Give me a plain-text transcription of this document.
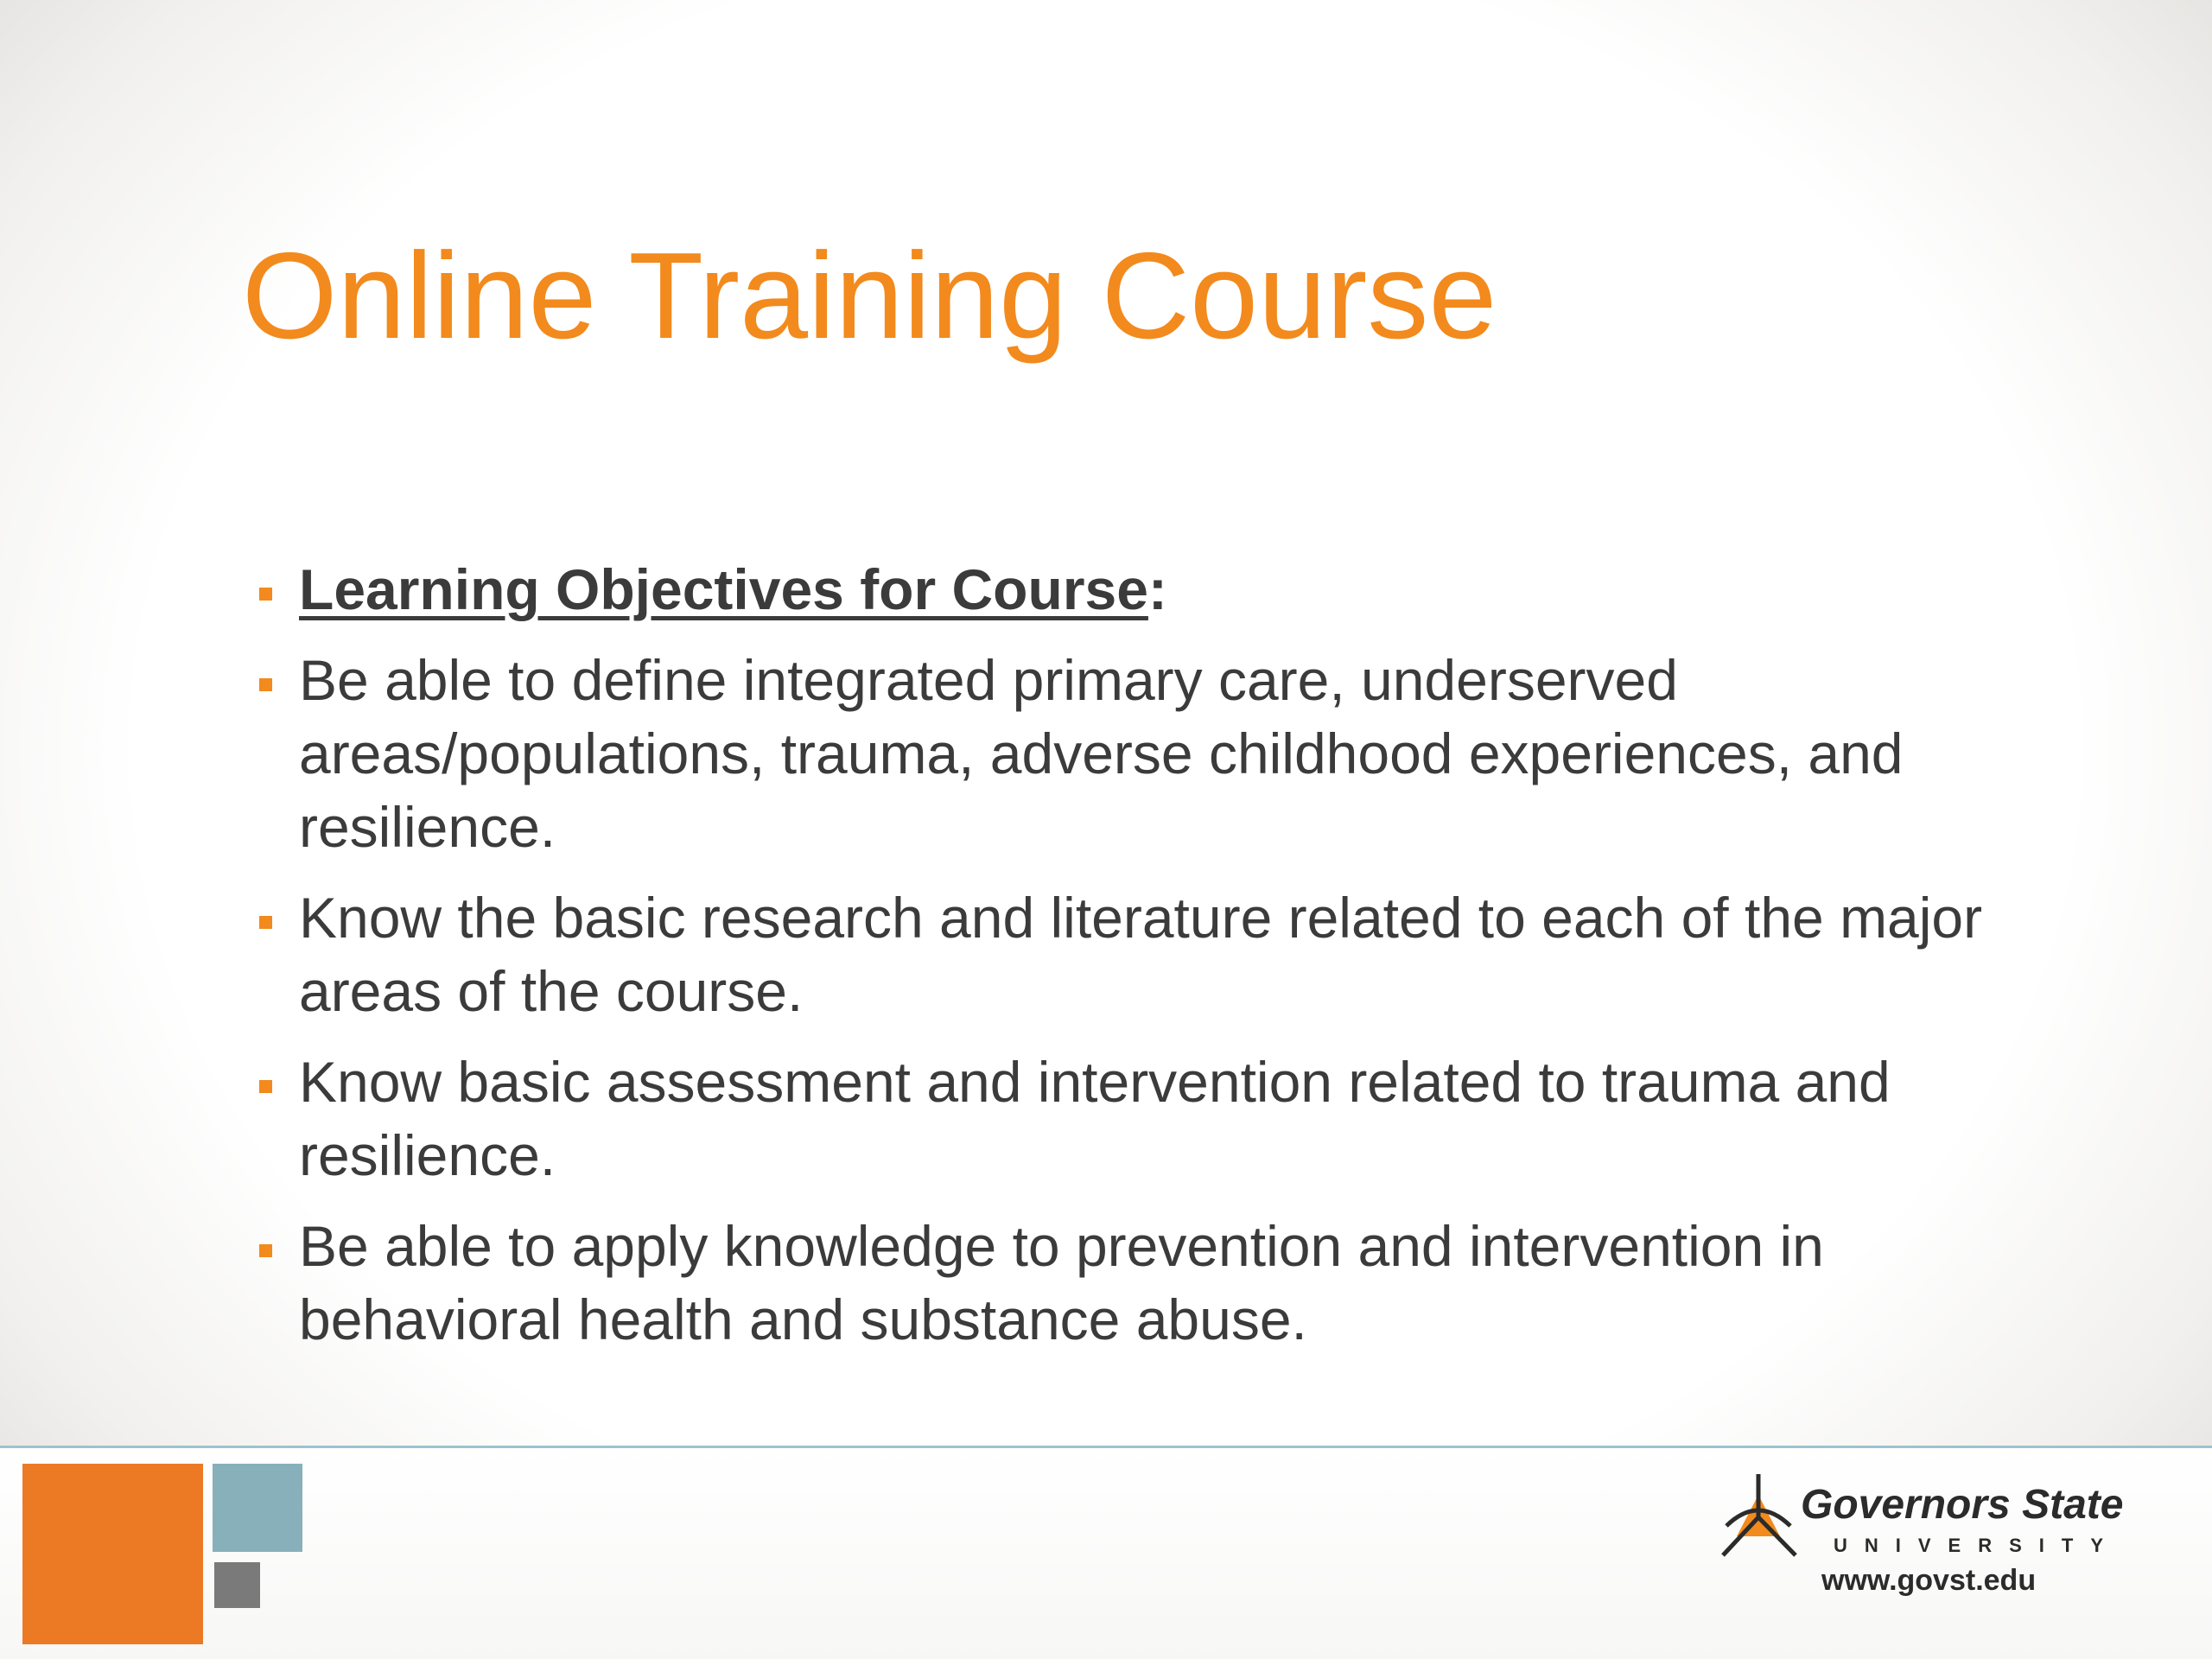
Online Training Course
Learning Objectives for Course:
Be able to define integrated primary care, underserved areas/populations, trauma, adverse childhood experiences, and resilience.
Know the basic research and literature related to each of the major areas of the course.
Know basic assessment and intervention related to trauma and resilience.
Be able to apply knowledge to prevention and intervention in behavioral health and substance abuse.
Governors State
UNIVERSITY
www.govst.edu
